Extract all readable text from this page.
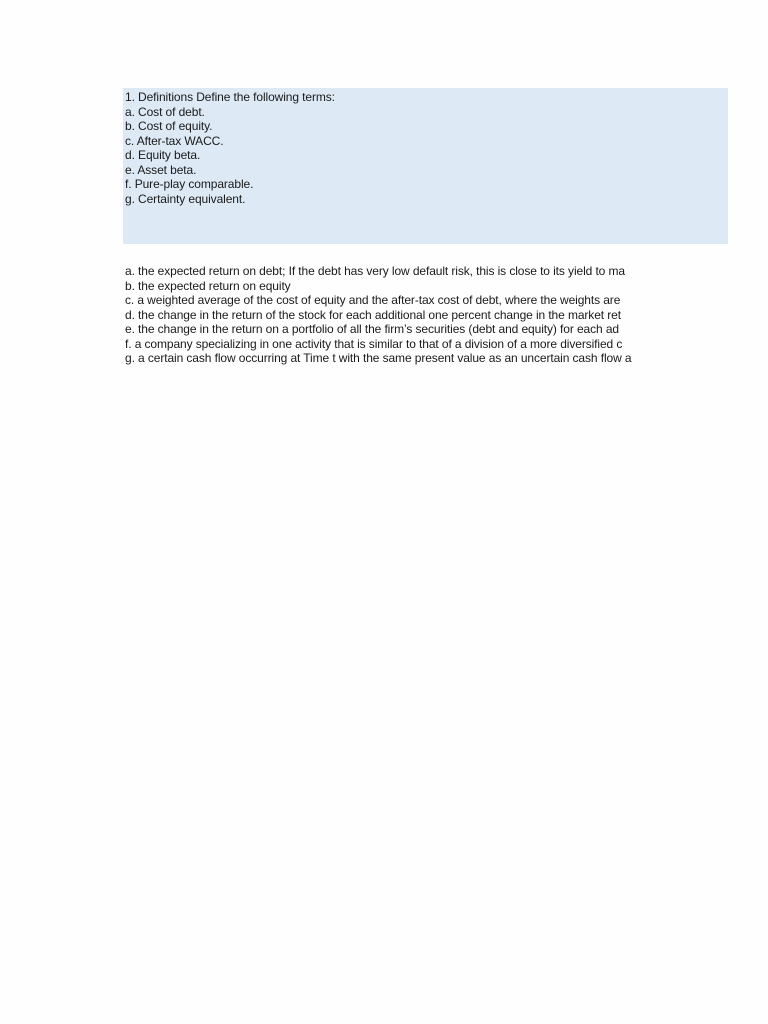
1. Definitions Define the following terms:
a. Cost of debt.
b. Cost of equity.
c. After-tax WACC.
d. Equity beta.
e. Asset beta.
f. Pure-play comparable.
g. Certainty equivalent.
a. the expected return on debt; If the debt has very low default risk, this is close to its yield to ma
b. the expected return on equity
c. a weighted average of the cost of equity and the after-tax cost of debt, where the weights are
d. the change in the return of the stock for each additional one percent change in the market ret
e. the change in the return on a portfolio of all the firm’s securities (debt and equity) for each ad
f. a company specializing in one activity that is similar to that of a division of a more diversified c
g. a certain cash flow occurring at Time t with the same present value as an uncertain cash flow a
